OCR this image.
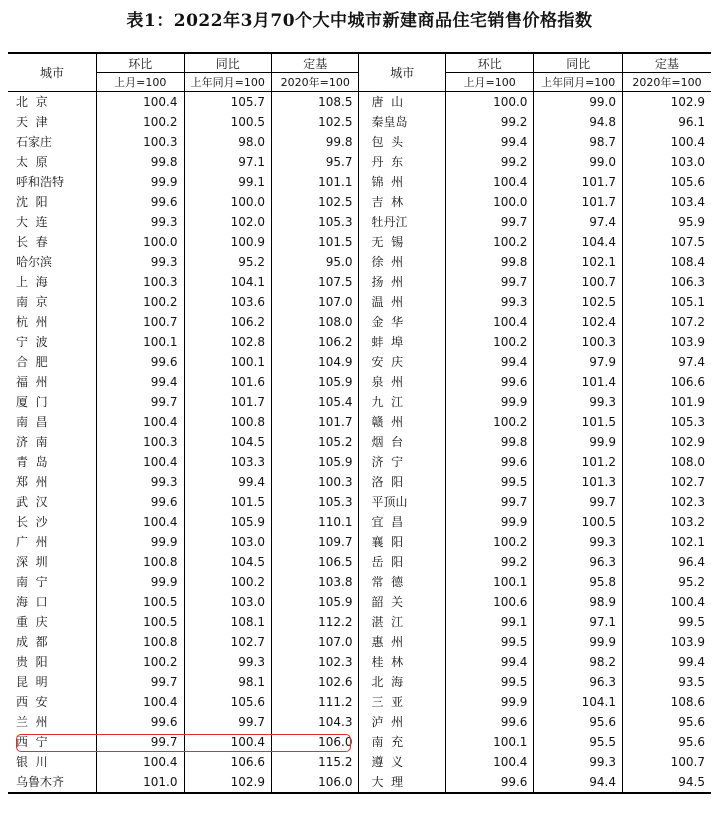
表1：2022年3月70个大中城市新建商品住宅销售价格指数
城市	环比	同比	定基	城市	环比	同比	定基
	上月=100	上年同月=100	2020年=100		上月=100	上年同月=100	2020年=100
北  京	100.4	105.7	108.5	唐  山	100.0	99.0	102.9
天  津	100.2	100.5	102.5	秦皇岛	99.2	94.8	96.1
石家庄	100.3	98.0	99.8	包  头	99.4	98.7	100.4
太  原	99.8	97.1	95.7	丹  东	99.2	99.0	103.0
呼和浩特	99.9	99.1	101.1	锦  州	100.4	101.7	105.6
沈  阳	99.6	100.0	102.5	吉  林	100.0	101.7	103.4
大  连	99.3	102.0	105.3	牡丹江	99.7	97.4	95.9
长  春	100.0	100.9	101.5	无  锡	100.2	104.4	107.5
哈尔滨	99.3	95.2	95.0	徐  州	99.8	102.1	108.4
上  海	100.3	104.1	107.5	扬  州	99.7	100.7	106.3
南  京	100.2	103.6	107.0	温  州	99.3	102.5	105.1
杭  州	100.7	106.2	108.0	金  华	100.4	102.4	107.2
宁  波	100.1	102.8	106.2	蚌  埠	100.2	100.3	103.9
合  肥	99.6	100.1	104.9	安  庆	99.4	97.9	97.4
福  州	99.4	101.6	105.9	泉  州	99.6	101.4	106.6
厦  门	99.7	101.7	105.4	九  江	99.9	99.3	101.9
南  昌	100.4	100.8	101.7	赣  州	100.2	101.5	105.3
济  南	100.3	104.5	105.2	烟  台	99.8	99.9	102.9
青  岛	100.4	103.3	105.9	济  宁	99.6	101.2	108.0
郑  州	99.3	99.4	100.3	洛  阳	99.5	101.3	102.7
武  汉	99.6	101.5	105.3	平顶山	99.7	99.7	102.3
长  沙	100.4	105.9	110.1	宜  昌	99.9	100.5	103.2
广  州	99.9	103.0	109.7	襄  阳	100.2	99.3	102.1
深  圳	100.8	104.5	106.5	岳  阳	99.2	96.3	96.4
南  宁	99.9	100.2	103.8	常  德	100.1	95.8	95.2
海  口	100.5	103.0	105.9	韶  关	100.6	98.9	100.4
重  庆	100.5	108.1	112.2	湛  江	99.1	97.1	99.5
成  都	100.8	102.7	107.0	惠  州	99.5	99.9	103.9
贵  阳	100.2	99.3	102.3	桂  林	99.4	98.2	99.4
昆  明	99.7	98.1	102.6	北  海	99.5	96.3	93.5
西  安	100.4	105.6	111.2	三  亚	99.9	104.1	108.6
兰  州	99.6	99.7	104.3	泸  州	99.6	95.6	95.6
西  宁	99.7	100.4	106.0	南  充	100.1	95.5	95.6
银  川	100.4	106.6	115.2	遵  义	100.4	99.3	100.7
乌鲁木齐	101.0	102.9	106.0	大  理	99.6	94.4	94.5
